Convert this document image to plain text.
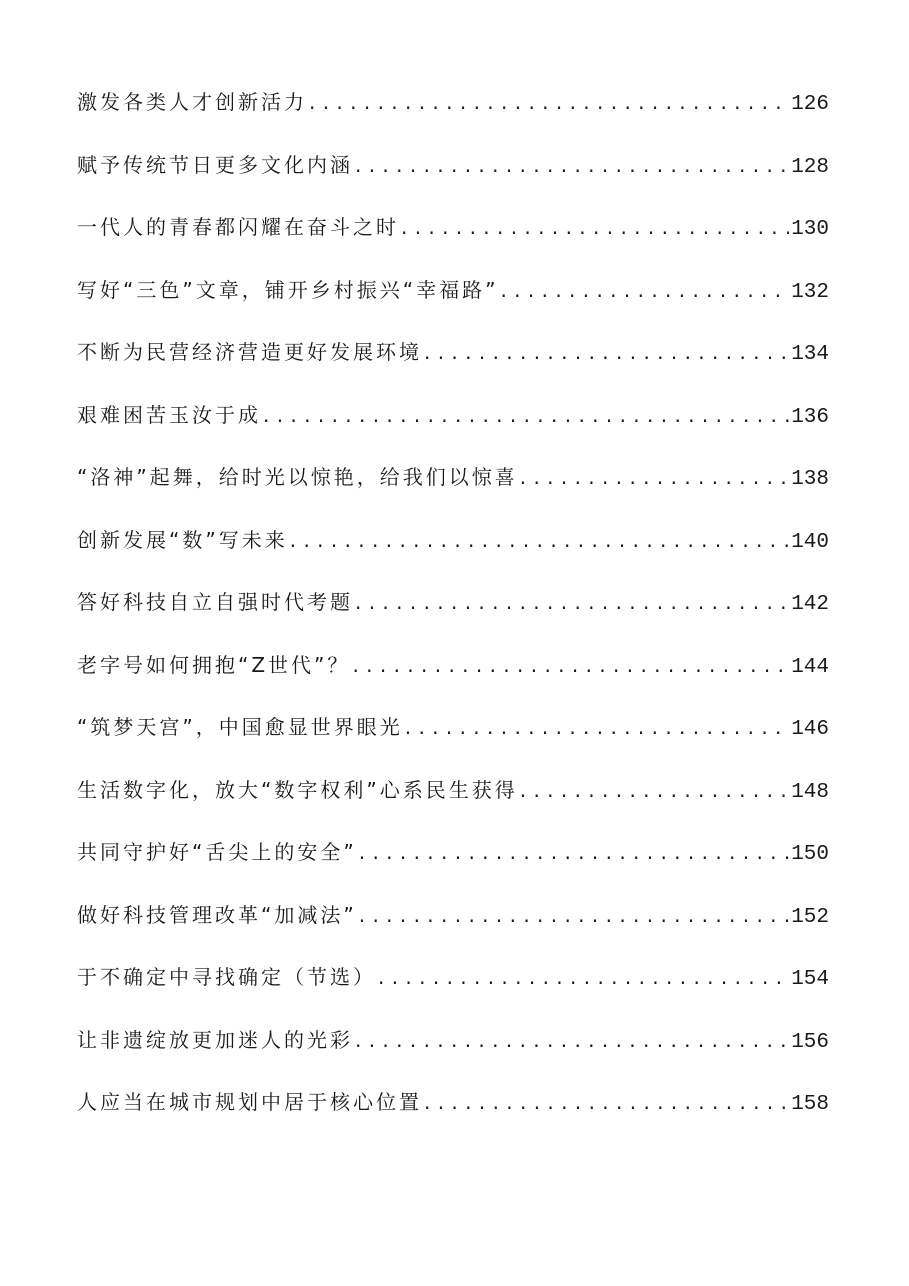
激发各类人才创新活力 . . .	126
赋予传统节日更多文化内涵 . . .	128
一代人的青春都闪耀在奋斗之时 . . .	130
写好“三色”文章，铺开乡村振兴“幸福路” . . .	132
不断为民营经济营造更好发展环境 . . .	134
艰难困苦玉汝于成 . . .	136
“洛神”起舞，给时光以惊艳，给我们以惊喜 . . .	138
创新发展“数”写未来 . . .	140
答好科技自立自强时代考题 . . .	142
老字号如何拥抱“Z世代”？ . . .	144
“筑梦天宫”，中国愈显世界眼光 . . .	146
生活数字化，放大“数字权利”心系民生获得 . . .	148
共同守护好“舌尖上的安全” . . .	150
做好科技管理改革“加减法” . . .	152
于不确定中寻找确定（节选） . . .	154
让非遗绽放更加迷人的光彩 . . .	156
人应当在城市规划中居于核心位置 . . .	158
